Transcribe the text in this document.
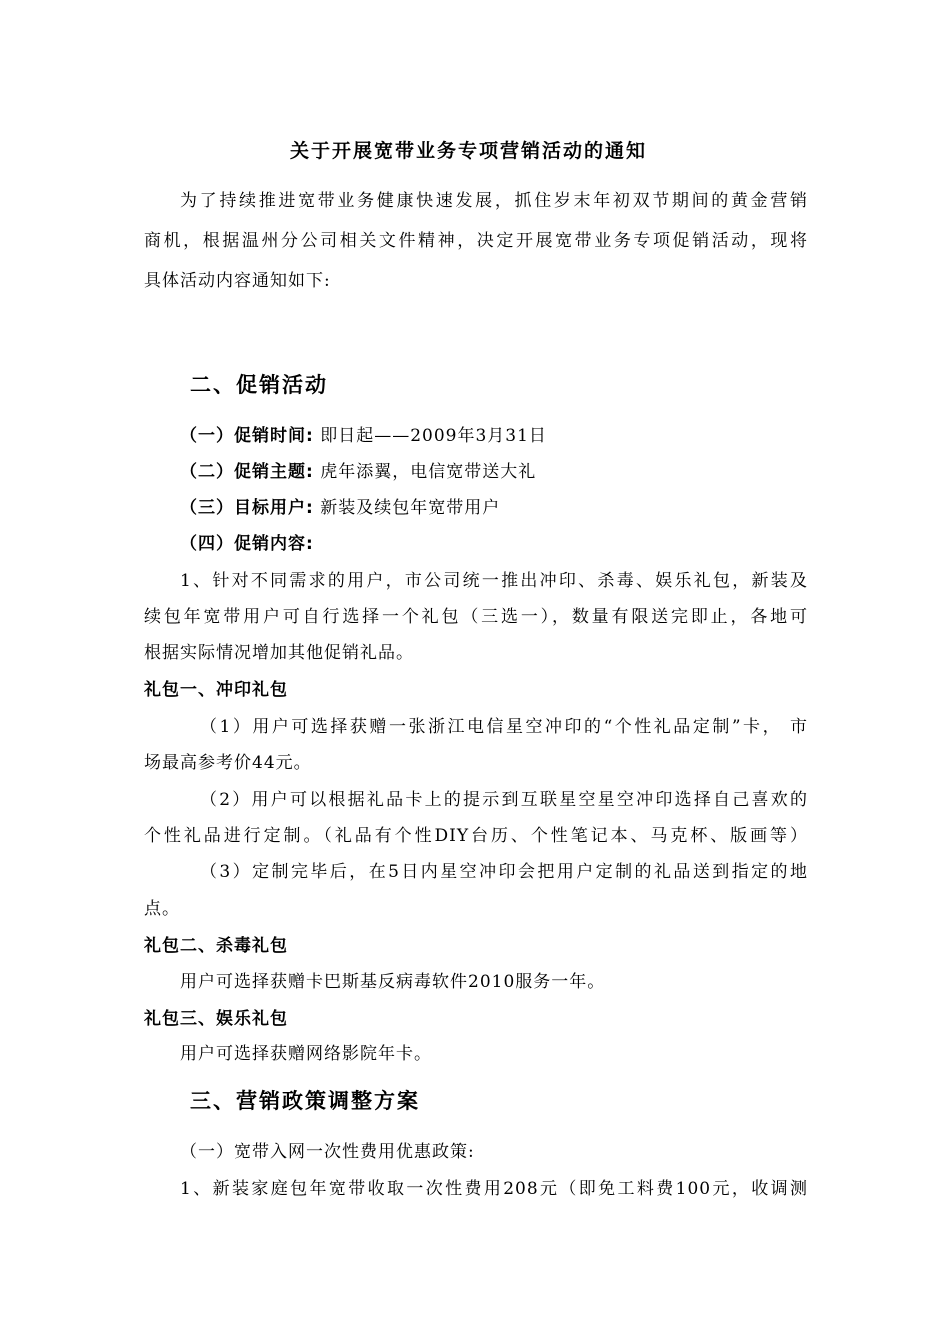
关于开展宽带业务专项营销活动的通知
为了持续推进宽带业务健康快速发展，抓住岁末年初双节期间的黄金营销
商机，根据温州分公司相关文件精神，决定开展宽带业务专项促销活动，现将
具体活动内容通知如下:
二、促销活动
（一）促销时间: 即日起——2009年3月31日
（二）促销主题: 虎年添翼，电信宽带送大礼
（三）目标用户: 新装及续包年宽带用户
（四）促销内容:
1、针对不同需求的用户，市公司统一推出冲印、杀毒、娱乐礼包，新装及
续包年宽带用户可自行选择一个礼包（三选一），数量有限送完即止，各地可
根据实际情况增加其他促销礼品。
礼包一、冲印礼包
（1）用户可选择获赠一张浙江电信星空冲印的“个性礼品定制”卡， 市
场最高参考价44元。
（2）用户可以根据礼品卡上的提示到互联星空星空冲印选择自己喜欢的
个性礼品进行定制。（礼品有个性DIY台历、个性笔记本、马克杯、版画等）
（3）定制完毕后，在5日内星空冲印会把用户定制的礼品送到指定的地
点。
礼包二、杀毒礼包
用户可选择获赠卡巴斯基反病毒软件2010服务一年。
礼包三、娱乐礼包
用户可选择获赠网络影院年卡。
三、营销政策调整方案
（一）宽带入网一次性费用优惠政策:
1、新装家庭包年宽带收取一次性费用208元（即免工料费100元，收调测
